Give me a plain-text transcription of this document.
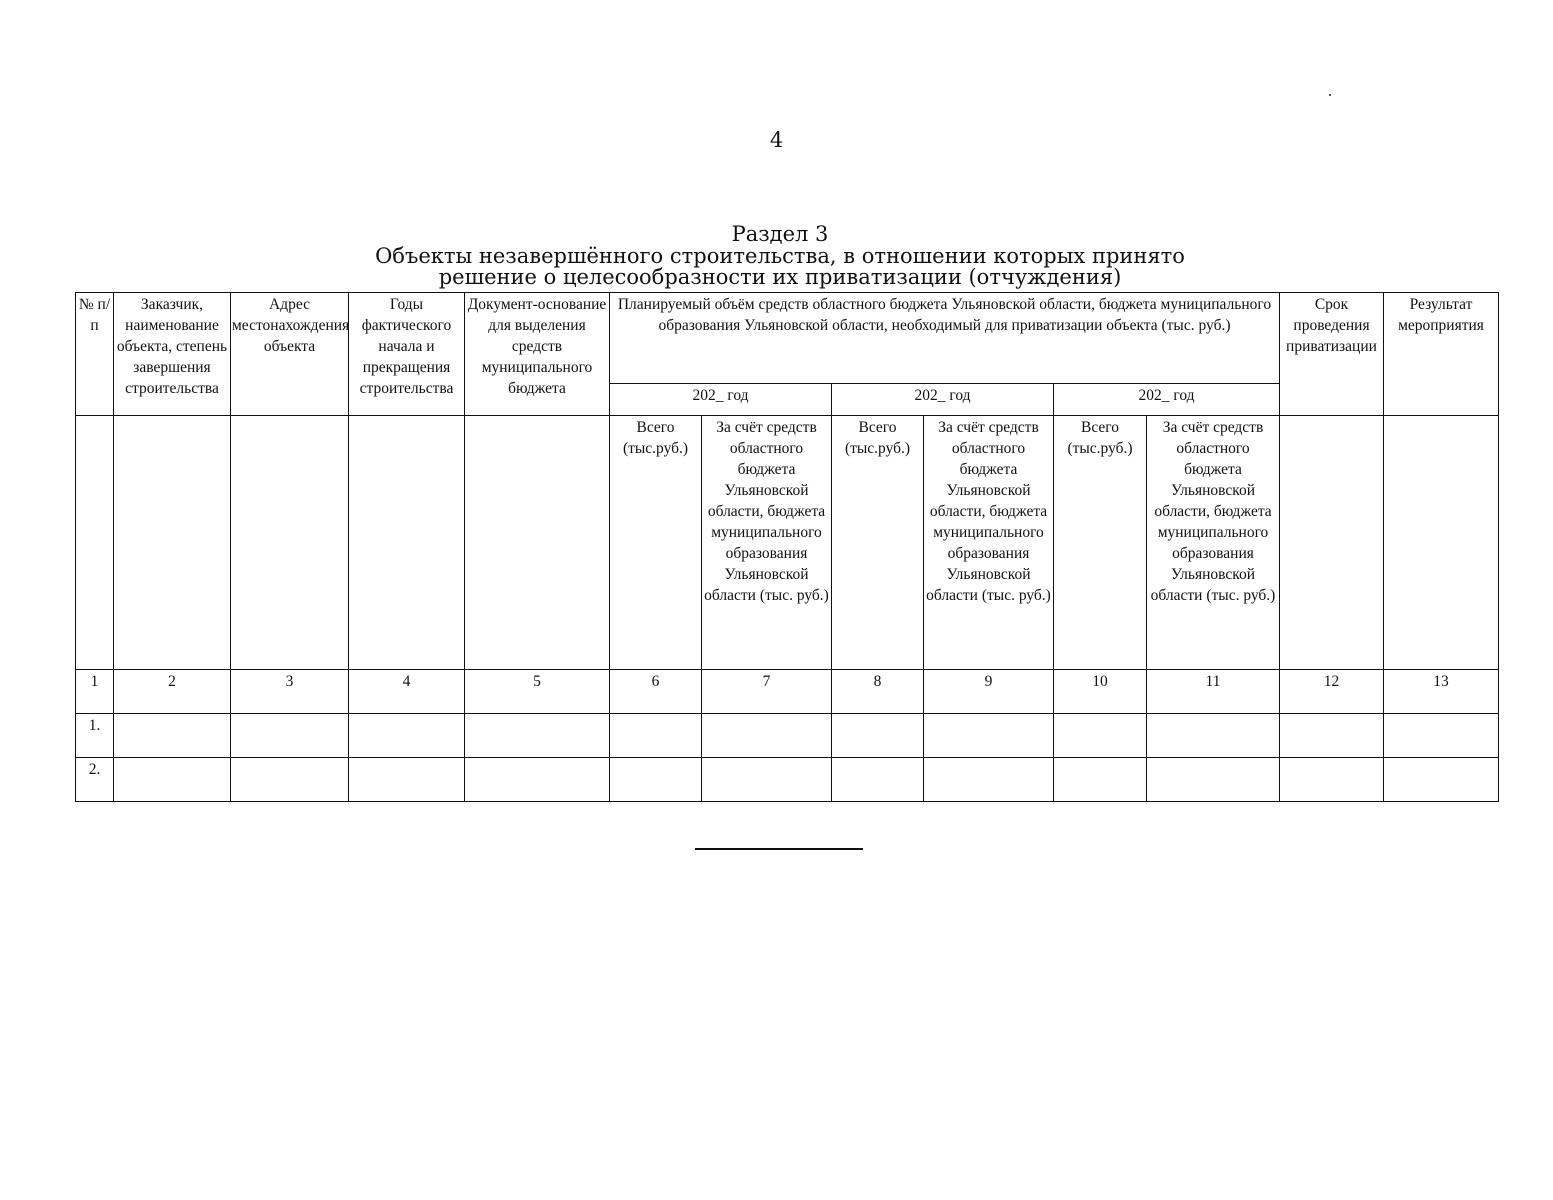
4
Раздел 3
Объекты незавершённого строительства, в отношении которых принято
решение о целесообразности их приватизации (отчуждения)
№ п/п	Заказчик, наименование объекта, степень завершения строительства	Адрес местонахождения объекта	Годы фактического начала и прекращения строительства	Документ-основание для выделения средств муниципального бюджета	Планируемый объём средств областного бюджета Ульяновской области, бюджета муниципального образования Ульяновской области, необходимый для приватизации объекта (тыс. руб.)						Срок проведения приватизации	Результат мероприятия
					202_ год		202_ год		202_ год			
					Всего (тыс.руб.)	За счёт средств областного бюджета Ульяновской области, бюджета муниципального образования Ульяновской области (тыс. руб.)	Всего (тыс.руб.)	За счёт средств областного бюджета Ульяновской области, бюджета муниципального образования Ульяновской области (тыс. руб.)	Всего (тыс.руб.)	За счёт средств областного бюджета Ульяновской области, бюджета муниципального образования Ульяновской области (тыс. руб.)		
1	2	3	4	5	6	7	8	9	10	11	12	13
1.												
2.												
